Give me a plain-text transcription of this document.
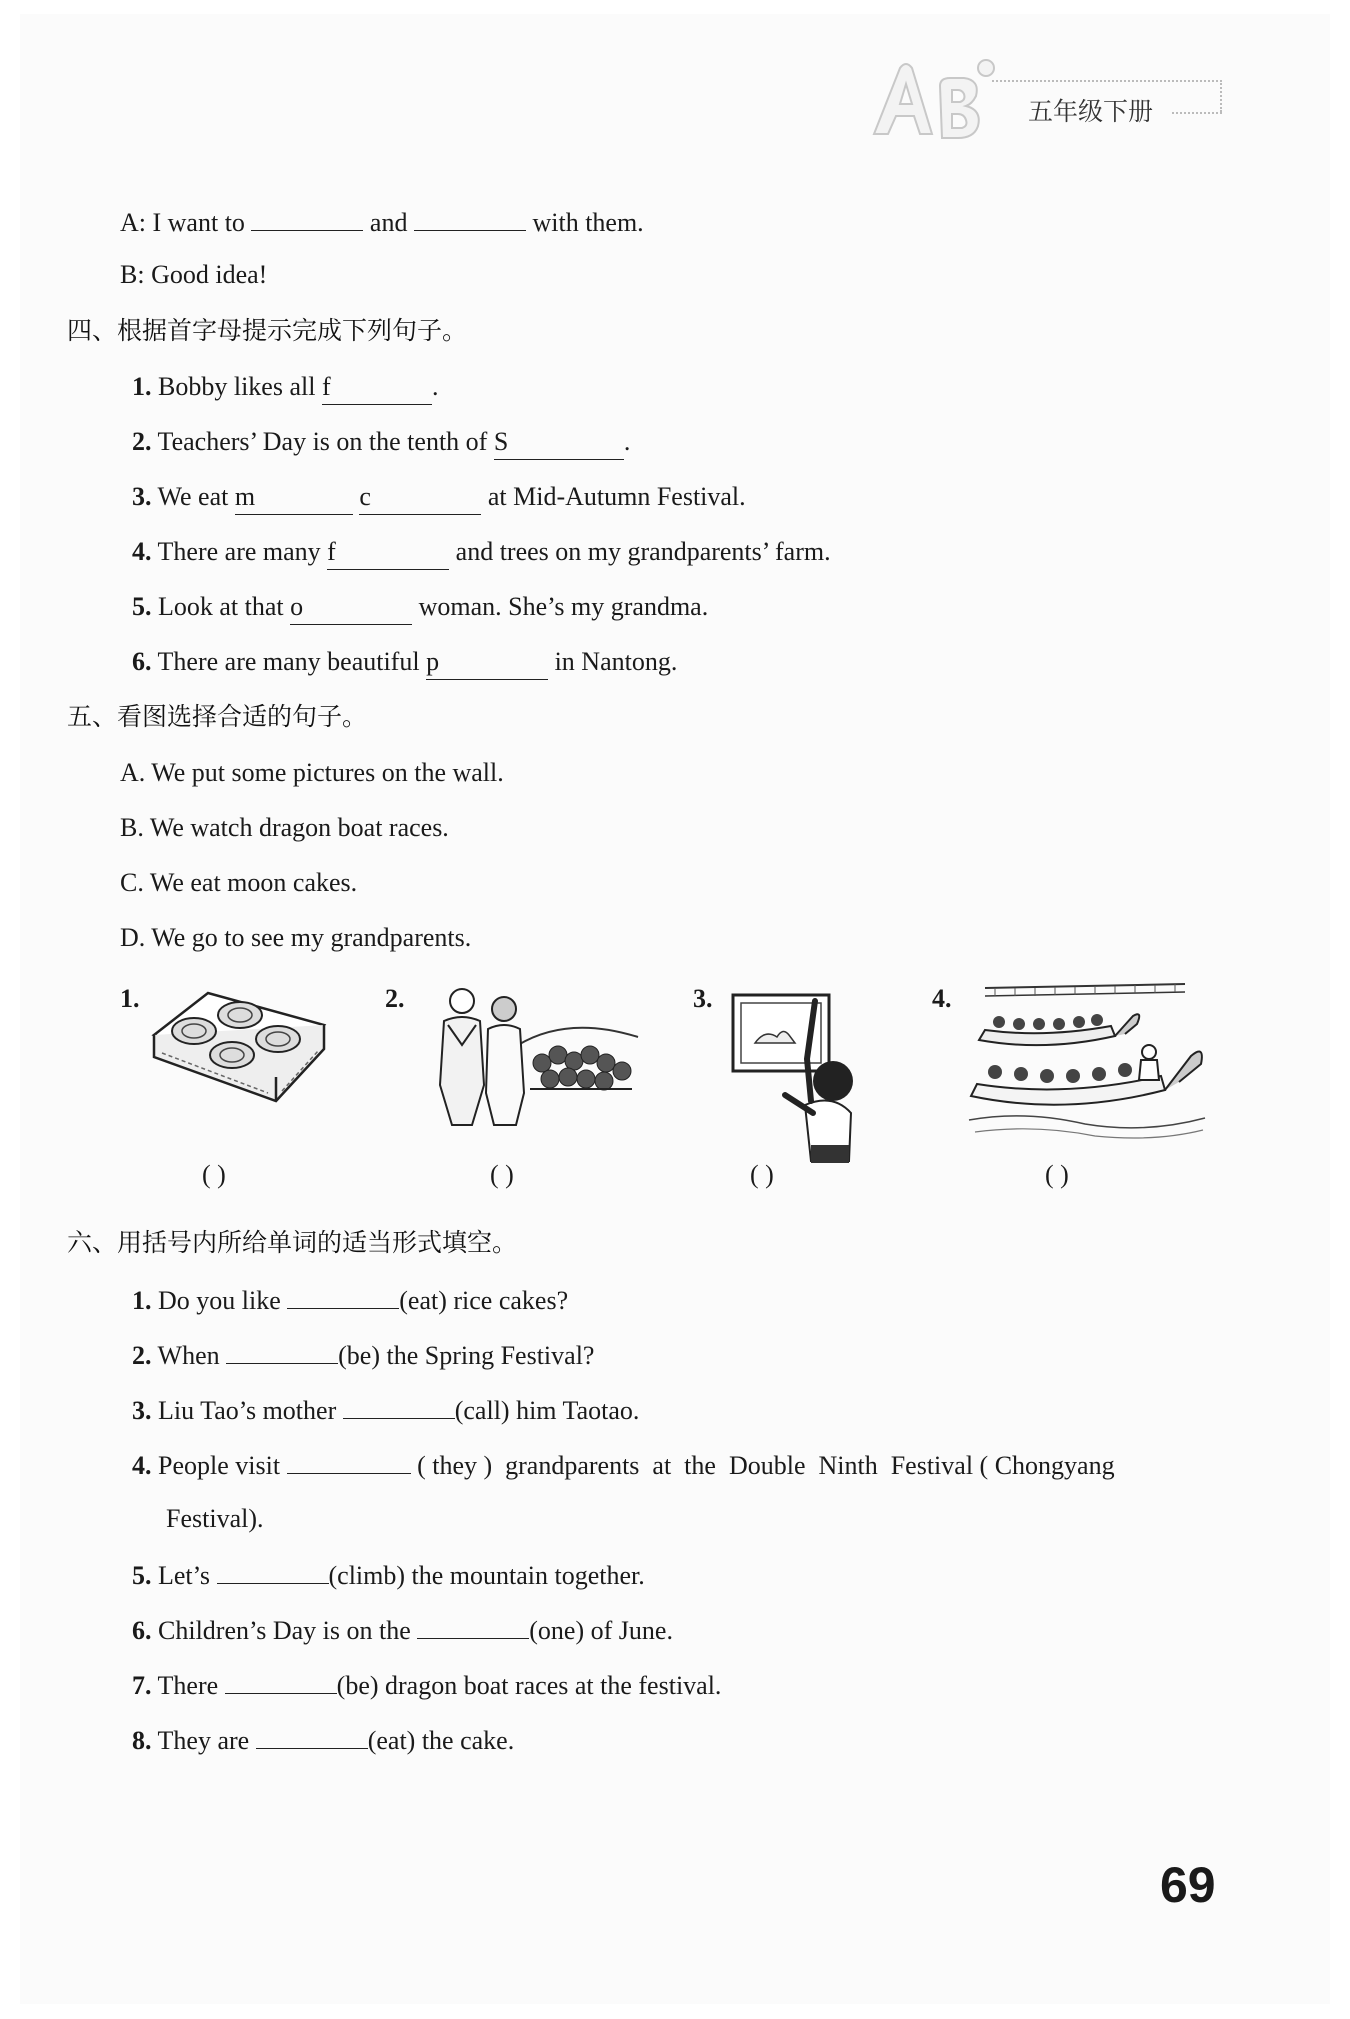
五年级下册
A: I want to	and	with them.
B: Good idea!
四、根据首字母提示完成下列句子。
1. Bobby likes all f	.
2. Teachers’ Day is on the tenth of S	.
3. We eat m	c	at Mid-Autumn Festival.
4. There are many f	and trees on my grandparents’ farm.
5. Look at that o	woman. She’s my grandma.
6. There are many beautiful p	in Nantong.
五、看图选择合适的句子。
A. We put some pictures on the wall.
B. We watch dragon boat races.
C. We eat moon cakes.
D. We go to see my grandparents.
1.	2.	3.	4.
( )	( )	( )	( )
六、用括号内所给单词的适当形式填空。
1. Do you like	(eat) rice cakes?
2. When	(be) the Spring Festival?
3. Liu Tao’s mother	(call) him Taotao.
4. People visit	( they )  grandparents  at  the  Double  Ninth  Festival ( Chongyang
Festival).
5. Let’s	(climb) the mountain together.
6. Children’s Day is on the	(one) of June.
7. There	(be) dragon boat races at the festival.
8. They are	(eat) the cake.
69
